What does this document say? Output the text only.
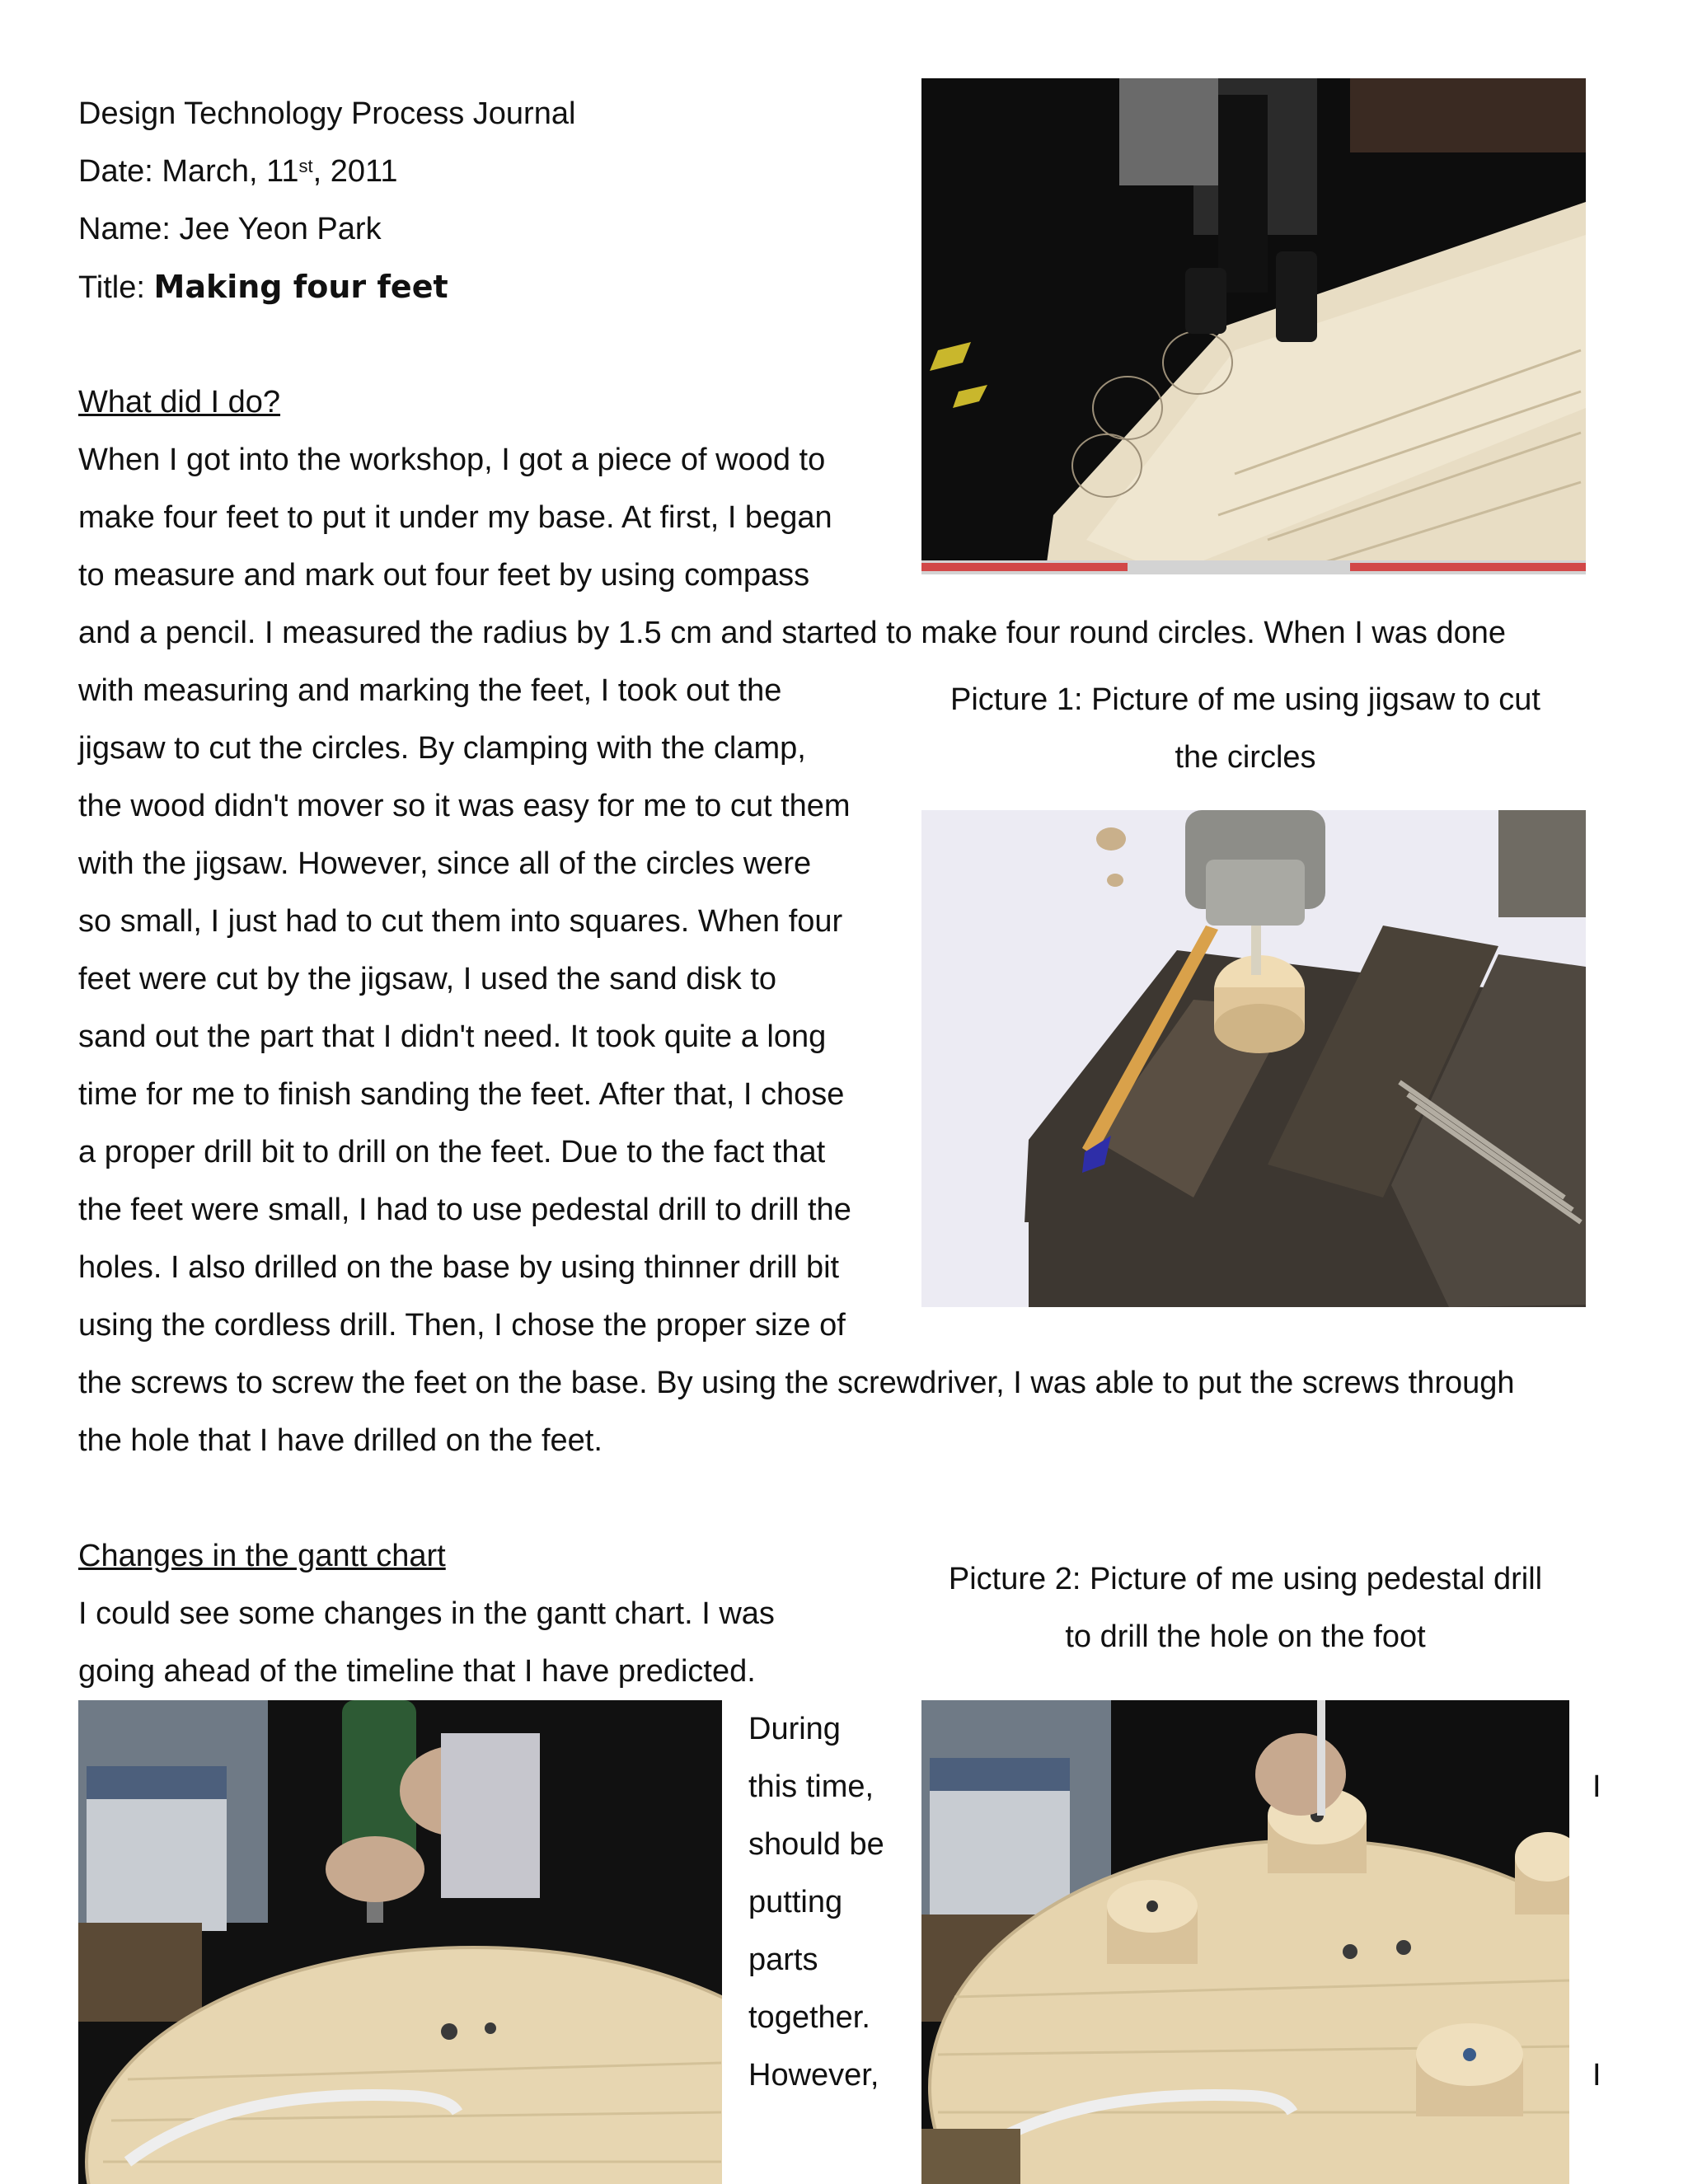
Design Technology Process Journal
Date: March, 11st, 2011
Name: Jee Yeon Park
Title: Making four feet
What did I do?
When I got into the workshop, I got a piece of wood to
make four feet to put it under my base. At first, I began
to measure and mark out four feet by using compass
and a pencil. I measured the radius by 1.5 cm and started to make four round circles. When I was done
with measuring and marking the feet, I took out the
jigsaw to cut the circles. By clamping with the clamp,
the wood didn't mover so it was easy for me to cut them
with the jigsaw. However, since all of the circles were
so small, I just had to cut them into squares. When four
feet were cut by the jigsaw, I used the sand disk to
sand out the part that I didn't need. It took quite a long
time for me to finish sanding the feet. After that, I chose
a proper drill bit to drill on the feet. Due to the fact that
the feet were small, I had to use pedestal drill to drill the
holes. I also drilled on the base by using thinner drill bit
using the cordless drill. Then, I chose the proper size of
the screws to screw the feet on the base. By using the screwdriver, I was able to put the screws through
the hole that I have drilled on the feet.
Changes in the gantt chart
I could see some changes in the gantt chart. I was
going ahead of the timeline that I have predicted.
During
this time,
should be
putting
parts
together.
However,
I
I
Picture 1: Picture of me using jigsaw to cut
the circles
Picture 2: Picture of me using pedestal drill
to drill the hole on the foot
